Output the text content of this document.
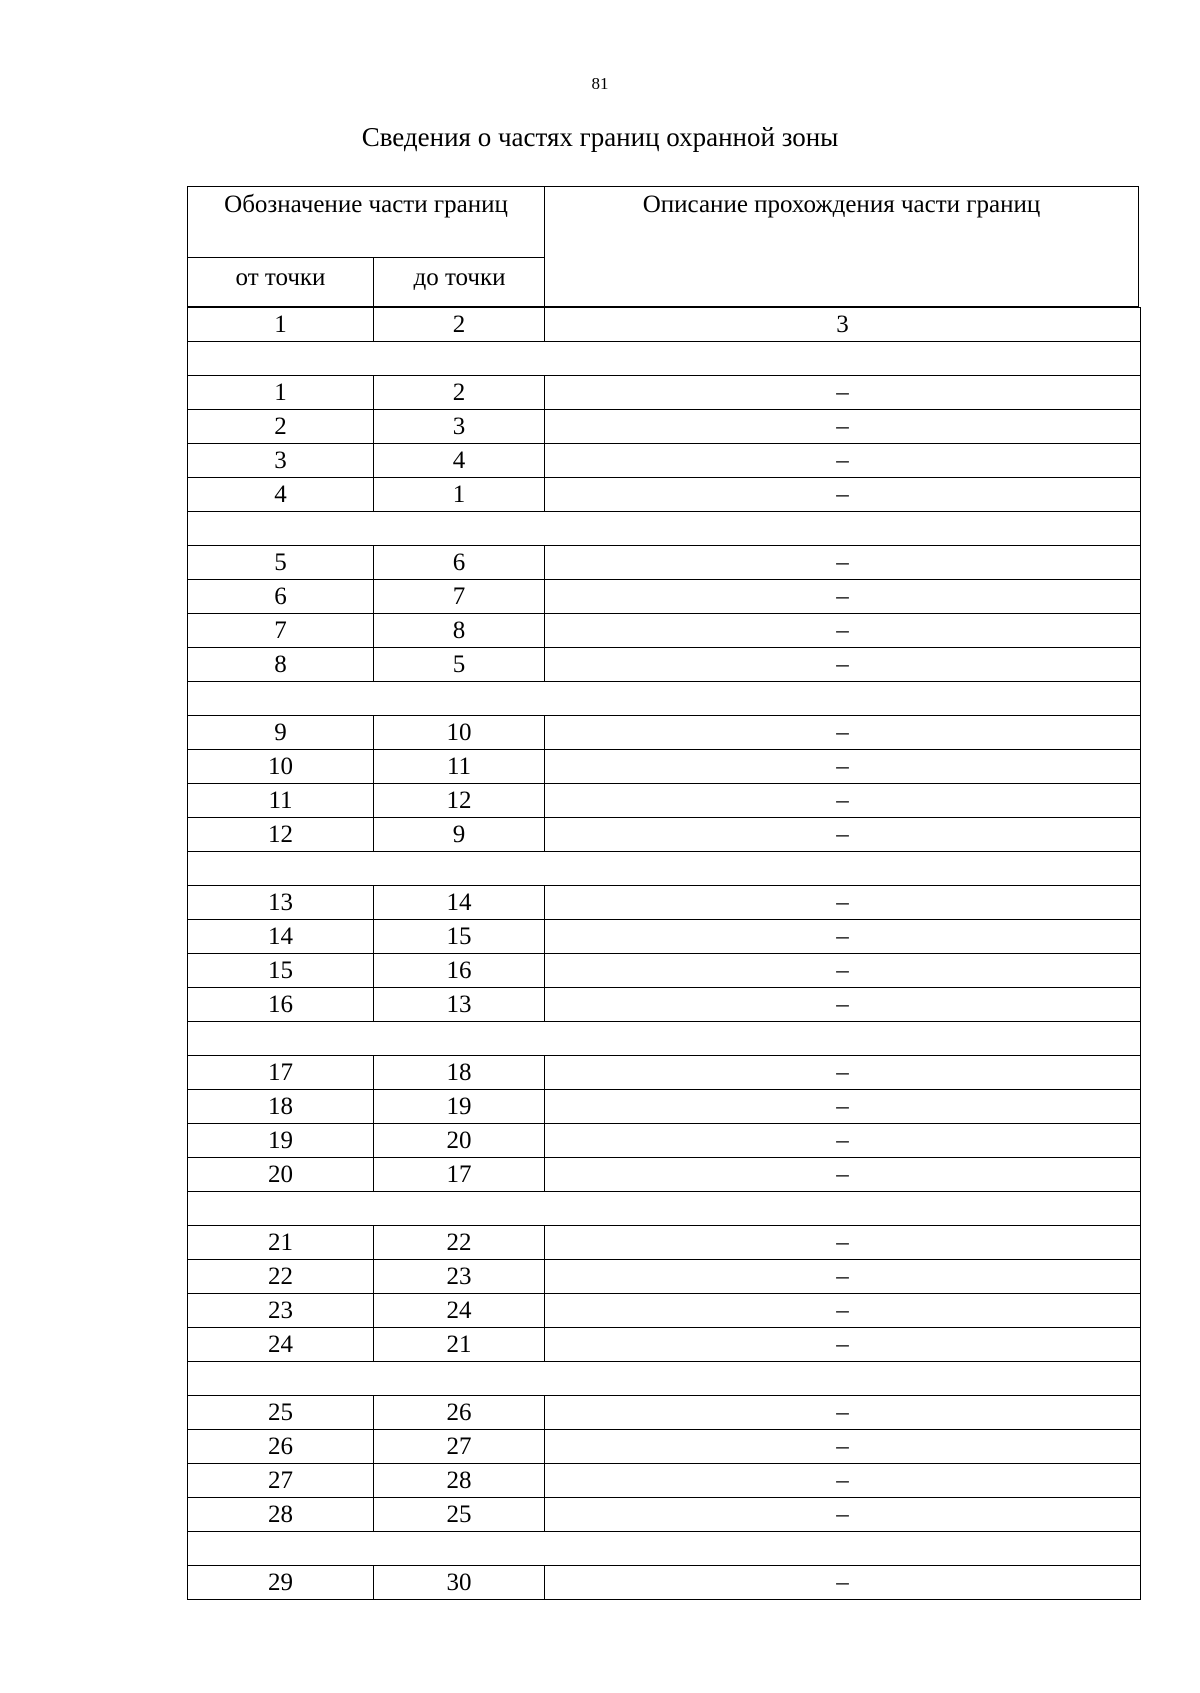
81
Сведения о частях границ охранной зоны
Обозначение части границ
от точки	до точки
Описание прохождения части границ
1	2	3
1	2	–
2	3	–
3	4	–
4	1	–
5	6	–
6	7	–
7	8	–
8	5	–
9	10	–
10	11	–
11	12	–
12	9	–
13	14	–
14	15	–
15	16	–
16	13	–
17	18	–
18	19	–
19	20	–
20	17	–
21	22	–
22	23	–
23	24	–
24	21	–
25	26	–
26	27	–
27	28	–
28	25	–
29	30	–
